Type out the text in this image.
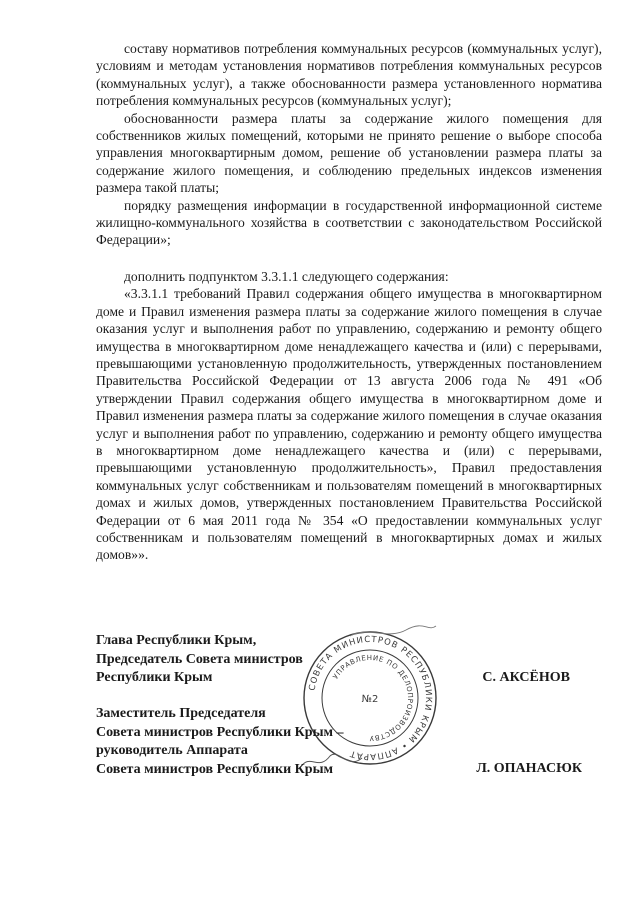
составу нормативов потребления коммунальных ресурсов (коммунальных услуг), условиям и методам установления нормативов потребления коммунальных ресурсов (коммунальных услуг), а также обоснованности размера установленного норматива потребления коммунальных ресурсов (коммунальных услуг);

обоснованности размера платы за содержание жилого помещения для собственников жилых помещений, которыми не принято решение о выборе способа управления многоквартирным домом, решение об установлении размера платы за содержание жилого помещения, и соблюдению предельных индексов изменения размера такой платы;

порядку размещения информации в государственной информационной системе жилищно-коммунального хозяйства в соответствии с законодательством Российской Федерации»;

дополнить подпунктом 3.3.1.1 следующего содержания:

«3.3.1.1 требований Правил содержания общего имущества в многоквартирном доме и Правил изменения размера платы за содержание жилого помещения в случае оказания услуг и выполнения работ по управлению, содержанию и ремонту общего имущества в многоквартирном доме ненадлежащего качества и (или) с перерывами, превышающими установленную продолжительность, утвержденных постановлением Правительства Российской Федерации от 13 августа 2006 года № 491 «Об утверждении Правил содержания общего имущества в многоквартирном доме и Правил изменения размера платы за содержание жилого помещения в случае оказания услуг и выполнения работ по управлению, содержанию и ремонту общего имущества в многоквартирном доме ненадлежащего качества и (или) с перерывами, превышающими установленную продолжительность», Правил предоставления коммунальных услуг собственникам и пользователям помещений в многоквартирных домах и жилых домов, утвержденных постановлением Правительства Российской Федерации от 6 мая 2011 года № 354 «О предоставлении коммунальных услуг собственникам и пользователям помещений в многоквартирных домах и жилых домов»».

СОВЕТА МИНИСТРОВ РЕСПУБЛИКИ КРЫМ • АППАРАТ
УПРАВЛЕНИЕ ПО ДЕЛОПРОИЗВОДСТВУ
№2
Глава Республики Крым,
Председатель Совета министров
Республики Крым	С. АКСЁНОВ
Заместитель Председателя
Совета министров Республики Крым –
руководитель Аппарата
Совета министров Республики Крым	Л. ОПАНАСЮК
